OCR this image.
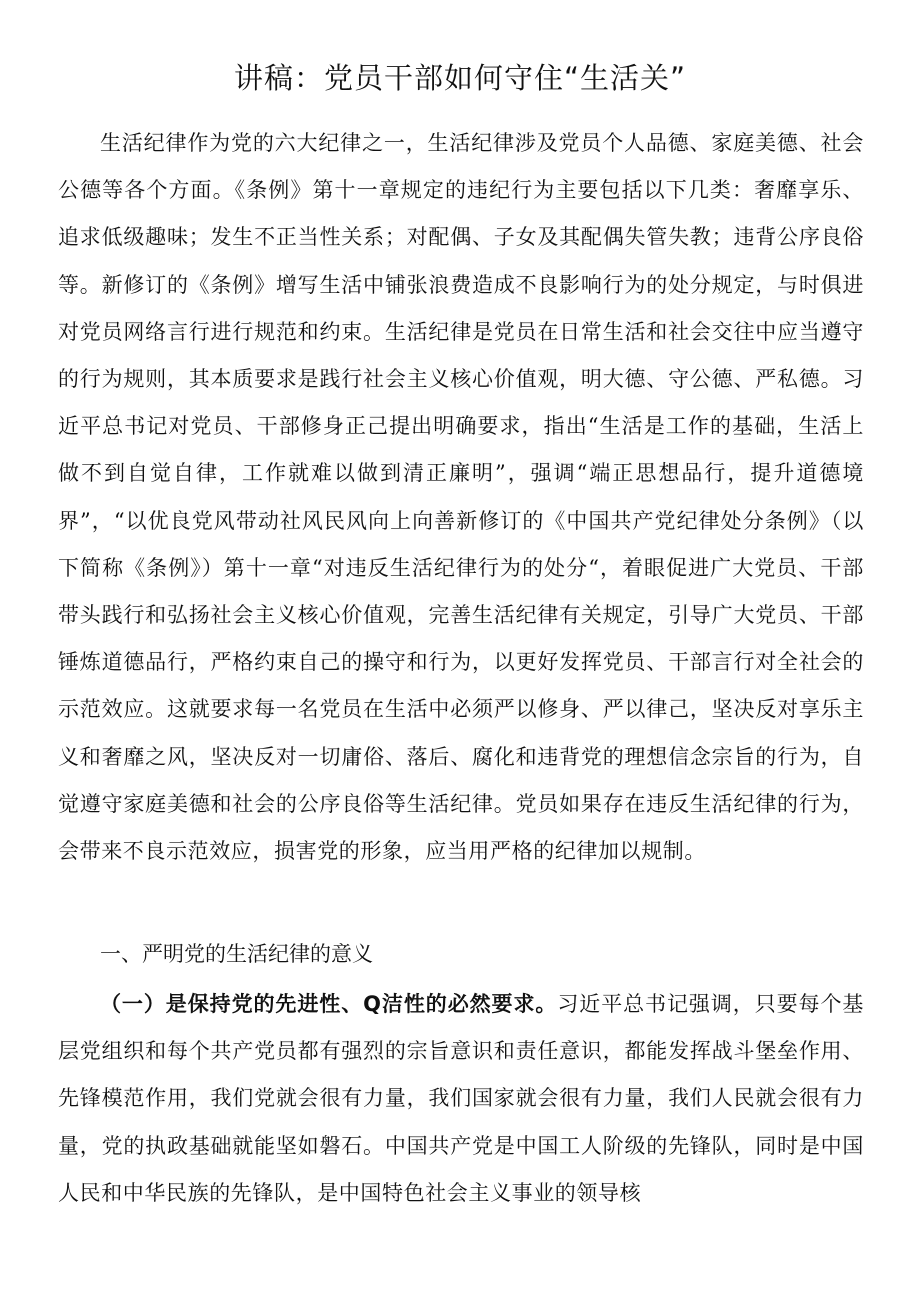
讲稿：党员干部如何守住“生活关”

生活纪律作为党的六大纪律之一，生活纪律涉及党员个人品德、家庭美德、社会公德等各个方面。《条例》第十一章规定的违纪行为主要包括以下几类：奢靡享乐、追求低级趣味；发生不正当性关系；对配偶、子女及其配偶失管失教；违背公序良俗等。新修订的《条例》增写生活中铺张浪费造成不良影响行为的处分规定，与时俱进对党员网络言行进行规范和约束。生活纪律是党员在日常生活和社会交往中应当遵守的行为规则，其本质要求是践行社会主义核心价值观，明大德、守公德、严私德。习近平总书记对党员、干部修身正己提出明确要求，指出“生活是工作的基础，生活上做不到自觉自律，工作就难以做到清正廉明”，强调“端正思想品行，提升道德境界”，“以优良党风带动社风民风向上向善新修订的《中国共产党纪律处分条例》（以下简称《条例》）第十一章“对违反生活纪律行为的处分“，着眼促进广大党员、干部带头践行和弘扬社会主义核心价值观，完善生活纪律有关规定，引导广大党员、干部锤炼道德品行，严格约束自己的操守和行为，以更好发挥党员、干部言行对全社会的示范效应。这就要求每一名党员在生活中必须严以修身、严以律己，坚决反对享乐主义和奢靡之风，坚决反对一切庸俗、落后、腐化和违背党的理想信念宗旨的行为，自觉遵守家庭美德和社会的公序良俗等生活纪律。党员如果存在违反生活纪律的行为，会带来不良示范效应，损害党的形象，应当用严格的纪律加以规制。

一、严明党的生活纪律的意义

（一）是保持党的先进性、Q洁性的必然要求。习近平总书记强调，只要每个基层党组织和每个共产党员都有强烈的宗旨意识和责任意识，都能发挥战斗堡垒作用、先锋模范作用，我们党就会很有力量，我们国家就会很有力量，我们人民就会很有力量，党的执政基础就能坚如磐石。中国共产党是中国工人阶级的先锋队，同时是中国人民和中华民族的先锋队，是中国特色社会主义事业的领导核
